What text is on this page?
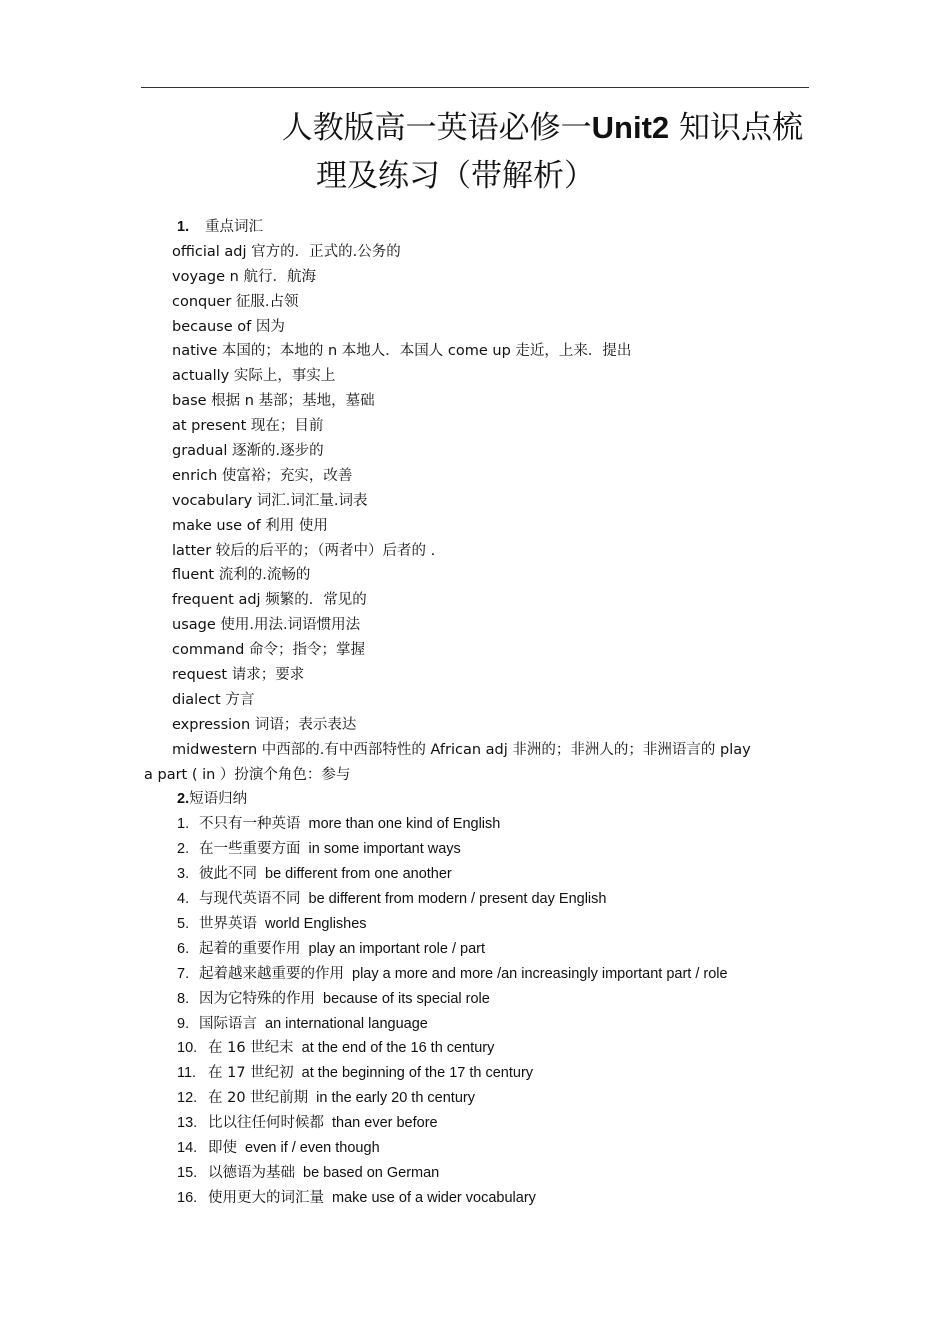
人教版高一英语必修一Unit2 知识点梳
理及练习（带解析）
1. 重点词汇
official adj 官方的．正式的.公务的
voyage n 航行．航海
conquer 征服.占领
because of 因为
native 本国的；本地的 n 本地人．本国人 come up 走近，上来．提出
actually 实际上，事实上
base 根据 n 基部；基地，墓础
at present 现在；目前
gradual 逐渐的.逐步的
enrich 使富裕；充实，改善
vocabulary 词汇.词汇量.词表
make use of 利用 使用
latter 较后的后平的；（两者中）后者的 .
fluent 流利的.流畅的
frequent adj 频繁的．常见的
usage 使用.用法.词语惯用法
command 命令；指令；掌握
request 请求；要求
dialect 方言
expression 词语；表示表达
midwestern 中西部的.有中西部特性的 African adj 非洲的；非洲人的；非洲语言的 play
a part ( in ）扮演个角色：参与
2.短语归纳
1. 不只有一种英语 more than one kind of English
2. 在一些重要方面 in some important ways
3. 彼此不同 be different from one another
4. 与现代英语不同 be different from modern / present day English
5. 世界英语 world Englishes
6. 起着的重要作用 play an important role / part
7. 起着越来越重要的作用 play a more and more /an increasingly important part / role
8. 因为它特殊的作用 because of its special role
9. 国际语言 an international language
10. 在 16 世纪末 at the end of the 16 th century
11. 在 17 世纪初 at the beginning of the 17 th century
12. 在 20 世纪前期 in the early 20 th century
13. 比以往任何时候都 than ever before
14. 即使 even if / even though
15. 以德语为基础 be based on German
16. 使用更大的词汇量 make use of a wider vocabulary
